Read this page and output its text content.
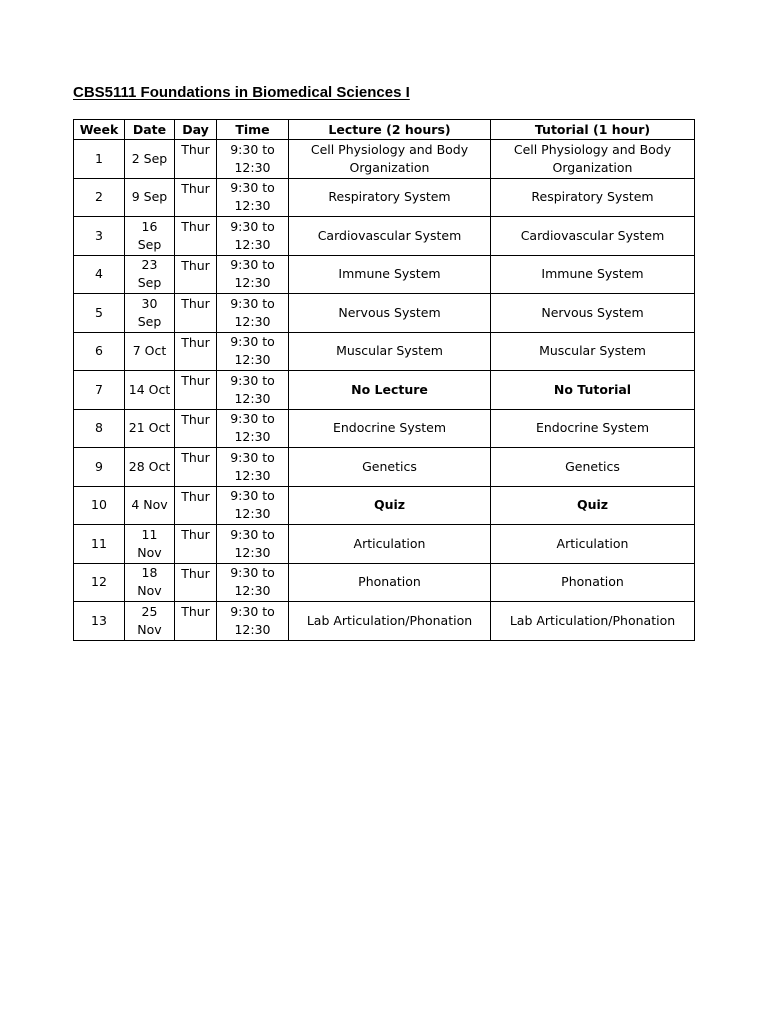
CBS5111 Foundations in Biomedical Sciences I
Week	Date	Day	Time	Lecture (2 hours)	Tutorial (1 hour)
1	2 Sep	Thur	9:30 to 12:30	Cell Physiology and Body Organization	Cell Physiology and Body Organization
2	9 Sep	Thur	9:30 to 12:30	Respiratory System	Respiratory System
3	16 Sep	Thur	9:30 to 12:30	Cardiovascular System	Cardiovascular System
4	23 Sep	Thur	9:30 to 12:30	Immune System	Immune System
5	30 Sep	Thur	9:30 to 12:30	Nervous System	Nervous System
6	7 Oct	Thur	9:30 to 12:30	Muscular System	Muscular System
7	14 Oct	Thur	9:30 to 12:30	No Lecture	No Tutorial
8	21 Oct	Thur	9:30 to 12:30	Endocrine System	Endocrine System
9	28 Oct	Thur	9:30 to 12:30	Genetics	Genetics
10	4 Nov	Thur	9:30 to 12:30	Quiz	Quiz
11	11 Nov	Thur	9:30 to 12:30	Articulation	Articulation
12	18 Nov	Thur	9:30 to 12:30	Phonation	Phonation
13	25 Nov	Thur	9:30 to 12:30	Lab Articulation/Phonation	Lab Articulation/Phonation
